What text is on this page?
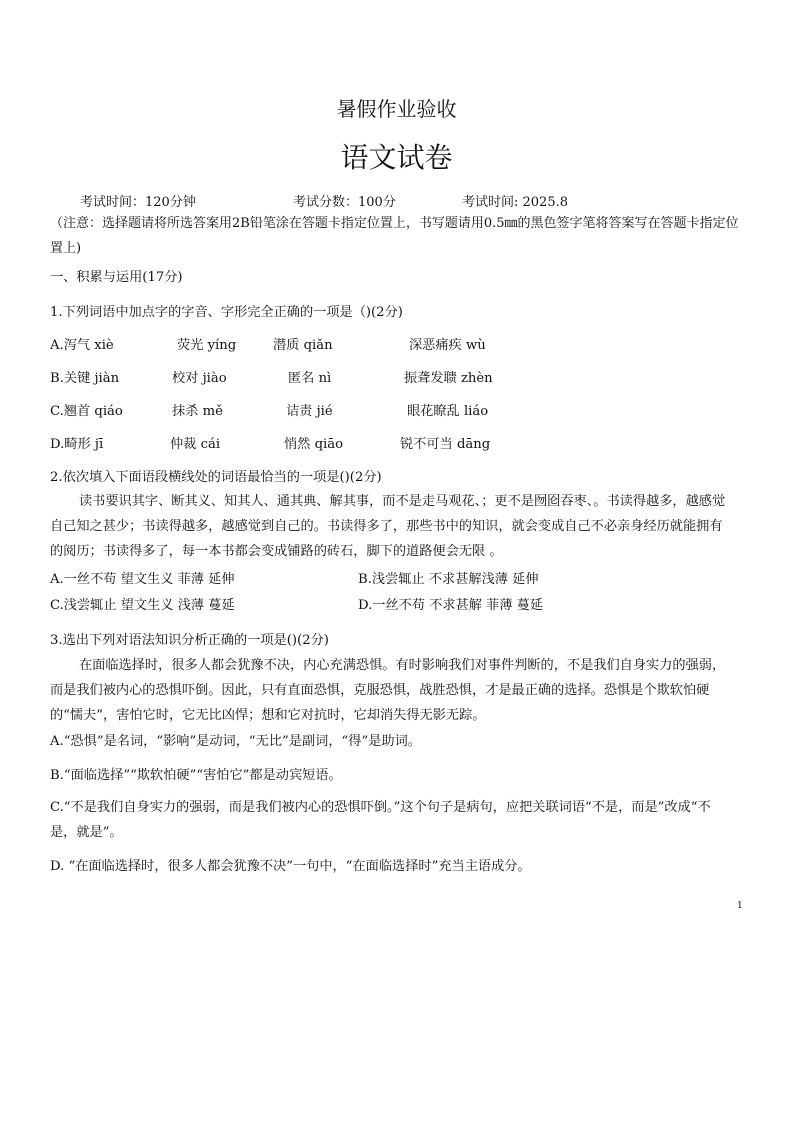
暑假作业验收
语文试卷
考试时间：120分钟	考试分数：100分	考试时间: 2025.8
（注意：选择题请将所选答案用2B铅笔涂在答题卡指定位置上，书写题请用0.5㎜的黑色签字笔将答案写在答题卡指定位置上)
一、积累与运用(17分)
1.下列词语中加点字的字音、字形完全正确的一项是（)(2分)
A.泻气 xiè	荧光 yíng	潜质 qiǎn	深恶痛疾 wù
B.关键 jiàn	校对 jiào	匿名 nì	振聋发聩 zhèn
C.翘首 qiáo	抹杀 mě	诘责 jié	眼花瞭乱 liáo
D.畸形 jī	仲裁 cái	悄然 qiāo	锐不可当 dāng
2.依次填入下面语段横线处的词语最恰当的一项是()(2分)
读书要识其字、断其义、知其人、通其典、解其事，而不是走马观花、；更不是囫囵吞枣、。书读得越多，越感觉自己知之甚少；书读得越多，越感觉到自己的。书读得多了，那些书中的知识，就会变成自己不必亲身经历就能拥有的阅历；书读得多了，每一本书都会变成铺路的砖石，脚下的道路便会无限 。
A.一丝不苟 望文生义 菲薄 延伸	B.浅尝辄止 不求甚解浅薄 延伸
C.浅尝辄止 望文生义 浅薄 蔓延	D.一丝不苟 不求甚解 菲薄 蔓延
3.选出下列对语法知识分析正确的一项是()(2分)
在面临选择时，很多人都会犹豫不决，内心充满恐惧。有时影响我们对事件判断的，不是我们自身实力的强弱，而是我们被内心的恐惧吓倒。因此，只有直面恐惧，克服恐惧，战胜恐惧，才是最正确的选择。恐惧是个欺软怕硬的“懦夫”，害怕它时，它无比凶悍；想和它对抗时，它却消失得无影无踪。
A.“恐惧”是名词，“影响”是动词，“无比”是副词，“得”是助词。
B.“面临选择”“欺软怕硬”“害怕它”都是动宾短语。
C.“不是我们自身实力的强弱，而是我们被内心的恐惧吓倒。”这个句子是病句，应把关联词语“不是，而是”改成“不是，就是”。
D. “在面临选择时，很多人都会犹豫不决”一句中，“在面临选择时”充当主语成分。
1
